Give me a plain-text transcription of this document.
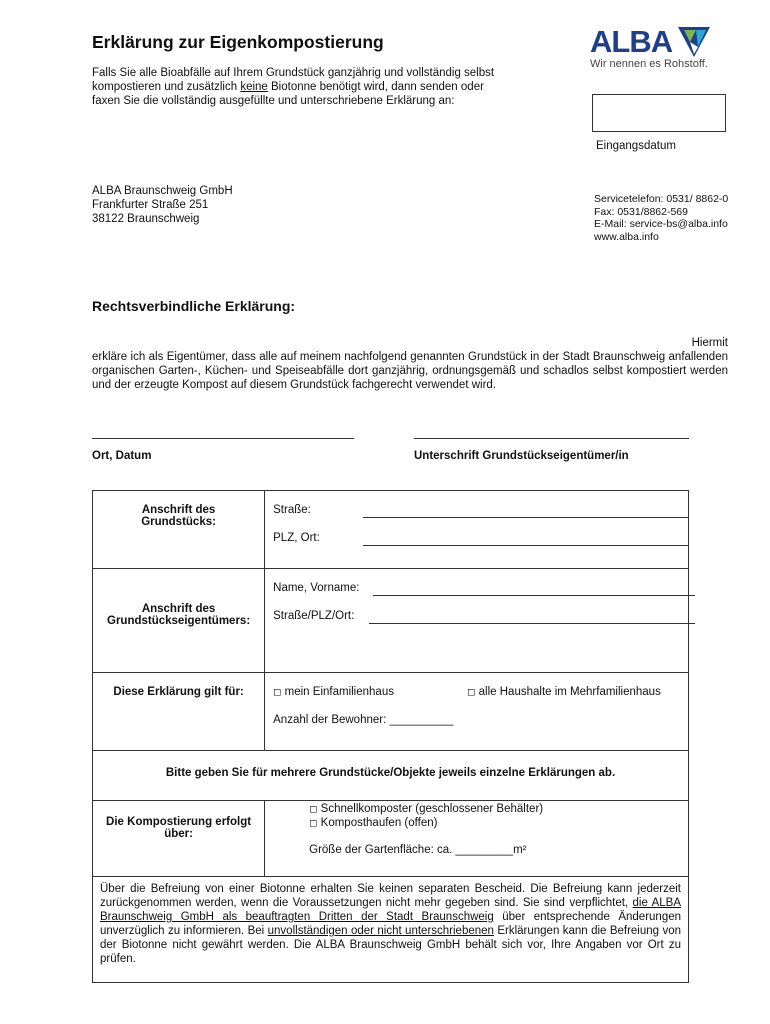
Erklärung zur Eigenkompostierung
Falls Sie alle Bioabfälle auf Ihrem Grundstück ganzjährig und vollständig selbst kompostieren und zusätzlich keine Biotonne benötigt wird, dann senden oder faxen Sie die vollständig ausgefüllte und unterschriebene Erklärung an:
ALBA
Wir nennen es Rohstoff.
Eingangsdatum
ALBA Braunschweig GmbH
Frankfurter Straße 251
38122 Braunschweig
Servicetelefon: 0531/ 8862-0
Fax: 0531/8862-569
E-Mail: service-bs@alba.info
www.alba.info
Rechtsverbindliche Erklärung:
Hiermit
erkläre ich als Eigentümer, dass alle auf meinem nachfolgend genannten Grundstück in der Stadt Braunschweig anfallenden organischen Garten-, Küchen- und Speiseabfälle dort ganzjährig, ordnungsgemäß und schadlos selbst kompostiert werden und der erzeugte Kompost auf diesem Grundstück fachgerecht verwendet wird.
Ort, Datum	Unterschrift Grundstückseigentümer/in
Anschrift des Grundstücks:	Straße:
PLZ, Ort:

Anschrift des Grundstückseigentümers:	Name, Vorname:
Straße/PLZ/Ort:

Diese Erklärung gilt für:	◻ mein Einfamilienhaus ◻ alle Haushalte im Mehrfamilienhaus
Anzahl der Bewohner: __________

Bitte geben Sie für mehrere Grundstücke/Objekte jeweils einzelne Erklärungen ab.	

Die Kompostierung erfolgt über:	◻ Schnellkomposter (geschlossener Behälter)
◻ Komposthaufen (offen)
Größe der Gartenfläche: ca. _________m²

Über die Befreiung von einer Biotonne erhalten Sie keinen separaten Bescheid. Die Befreiung kann jederzeit zurückgenommen werden, wenn die Voraussetzungen nicht mehr gegeben sind. Sie sind verpflichtet, die ALBA Braunschweig GmbH als beauftragten Dritten der Stadt Braunschweig über entsprechende Änderungen unverzüglich zu informieren. Bei unvollständigen oder nicht unterschriebenen Erklärungen kann die Befreiung von der Biotonne nicht gewährt werden. Die ALBA Braunschweig GmbH behält sich vor, Ihre Angaben vor Ort zu prüfen.	
